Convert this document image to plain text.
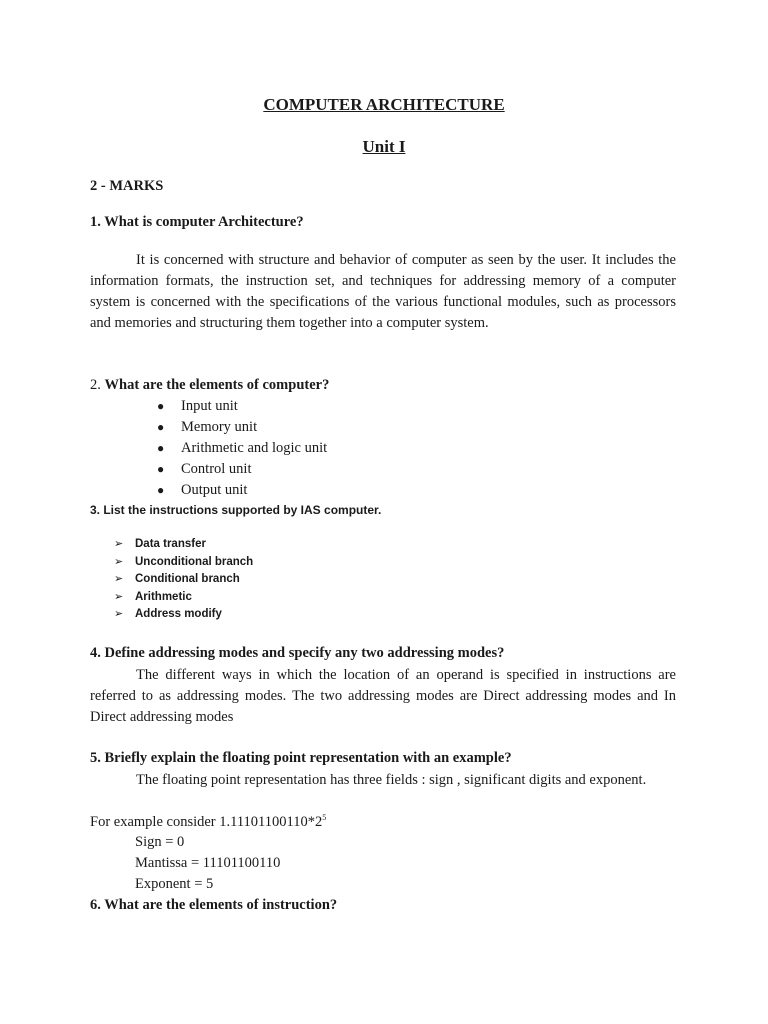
COMPUTER ARCHITECTURE
Unit I

2 - MARKS

1. What is computer Architecture?

It is concerned with structure and behavior of computer as seen by the user. It includes the information formats, the instruction set, and techniques for addressing memory of a computer system is concerned with the specifications of the various functional modules, such as processors and memories and structuring them together into a computer system.

2. What are the elements of computer?

● Input unit
● Memory unit
● Arithmetic and logic unit
● Control unit
● Output unit

3. List the instructions supported by IAS computer.

➢ Data transfer
➢ Unconditional branch
➢ Conditional branch
➢ Arithmetic
➢ Address modify

4. Define addressing modes and specify any two addressing modes?

The different ways in which the location of an operand is specified in instructions are referred to as addressing modes. The two addressing modes are Direct addressing modes and In Direct addressing modes

5. Briefly explain the floating point representation with an example?

The floating point representation has three fields : sign , significant digits and exponent.

For example consider $1.11101100110*2^5$

Sign = 0

Mantissa = 11101100110

Exponent = 5

6. What are the elements of instruction?
